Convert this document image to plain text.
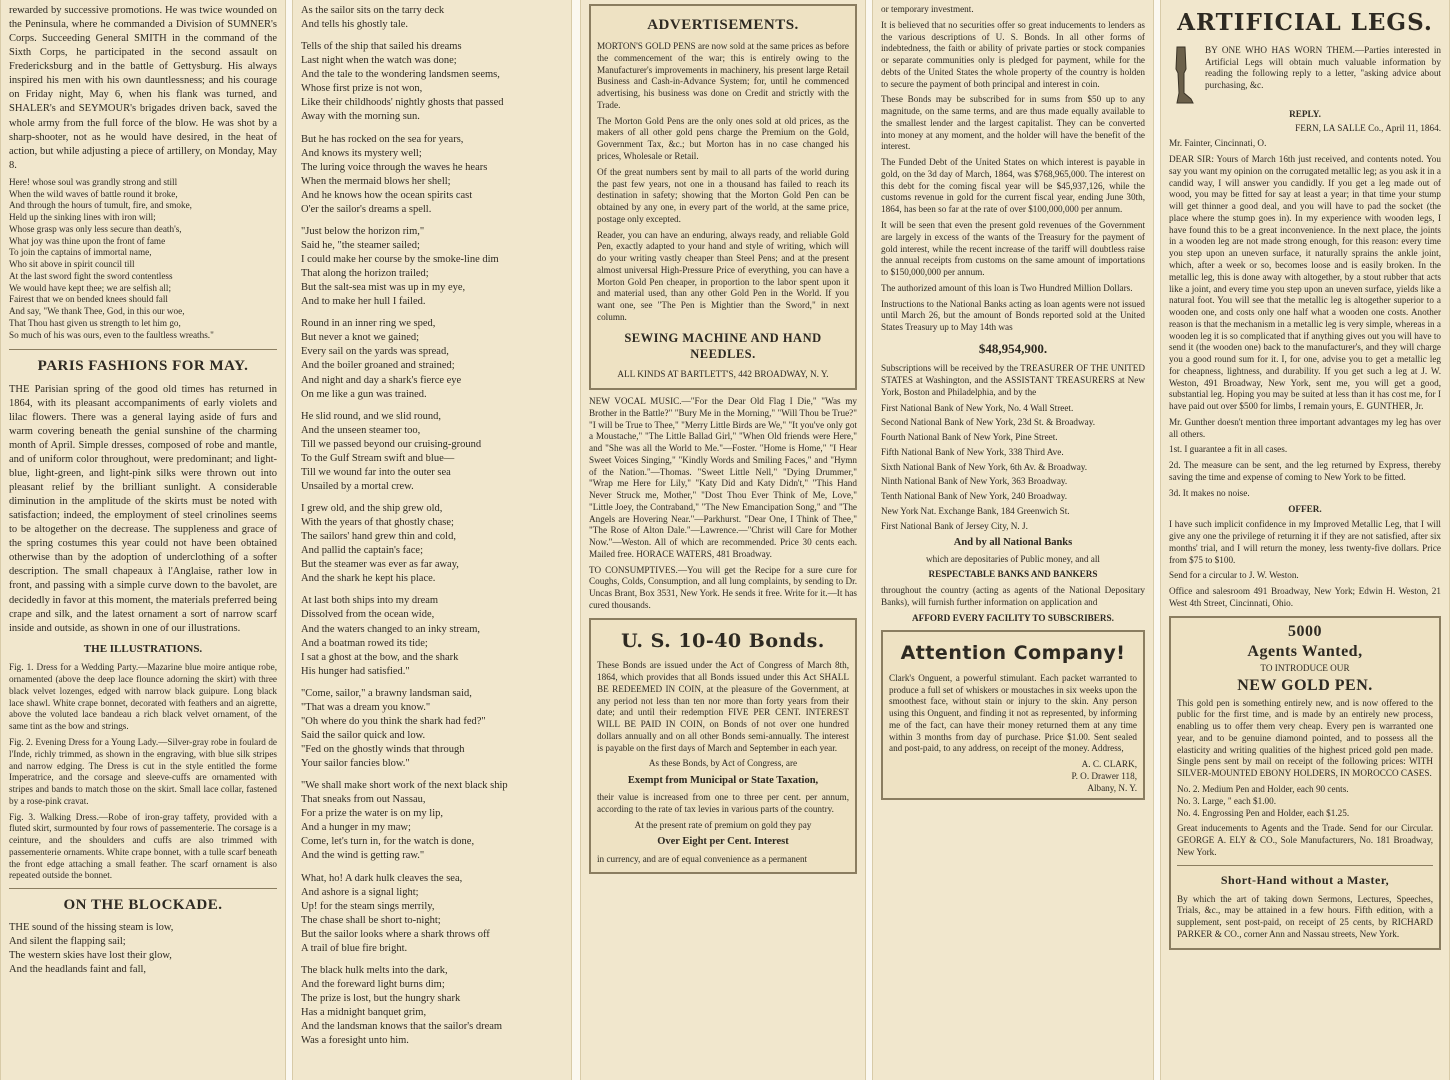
rewarded by successive promotions. He was twice wounded on the Peninsula, where he commanded a Division of SUMNER's Corps. Succeeding General SMITH in the command of the Sixth Corps, he participated in the second assault on Fredericksburg and in the battle of Gettysburg. His always inspired his men with his own dauntlessness; and his courage on Friday night, May 6, when his flank was turned, and SHALER's and SEYMOUR's brigades driven back, saved the whole army from the full force of the blow. He was shot by a sharp-shooter, not as he would have desired, in the heat of action, but while adjusting a piece of artillery, on Monday, May 8.

Here! whose soul was grandly strong and still
When the wild waves of battle round it broke,
And through the hours of tumult, fire, and smoke,
Held up the sinking lines with iron will;
Whose grasp was only less secure than death's,
What joy was thine upon the front of fame
To join the captains of immortal name,
Who sit above in spirit council till
At the last sword fight the sword contentless
We would have kept thee; we are selfish all;
Fairest that we on bended knees should fall
And say, "We thank Thee, God, in this our woe,
That Thou hast given us strength to let him go,
So much of his was ours, even to the faultless wreaths."

PARIS FASHIONS FOR MAY.

THE Parisian spring of the good old times has returned in 1864, with its pleasant accompaniments of early violets and lilac flowers. There was a general laying aside of furs and warm covering beneath the genial sunshine of the charming month of April. Simple dresses, composed of robe and mantle, and of uniform color throughout, were predominant; and light-blue, light-green, and light-pink silks were thrown out into pleasant relief by the brilliant sunlight. A considerable diminution in the amplitude of the skirts must be noted with satisfaction; indeed, the employment of steel crinolines seems to be altogether on the decrease. The suppleness and grace of the spring costumes this year could not have been obtained otherwise than by the adoption of underclothing of a softer description. The small chapeaux à l'Anglaise, rather low in front, and passing with a simple curve down to the bavolet, are decidedly in favor at this moment, the materials preferred being crape and silk, and the latest ornament a sort of narrow scarf inside and outside, as shown in one of our illustrations.

THE ILLUSTRATIONS.

Fig. 1. Dress for a Wedding Party.—Mazarine blue moire antique robe, ornamented (above the deep lace flounce adorning the skirt) with three black velvet lozenges, edged with narrow black guipure. Long black lace shawl. White crape bonnet, decorated with feathers and an aigrette, above the voluted lace bandeau a rich black velvet ornament, of the same tint as the bow and strings.

Fig. 2. Evening Dress for a Young Lady.—Silver-gray robe in foulard de l'Inde, richly trimmed, as shown in the engraving, with blue silk stripes and narrow edging. The Dress is cut in the style entitled the forme Imperatrice, and the corsage and sleeve-cuffs are ornamented with stripes and bands to match those on the skirt. Small lace collar, fastened by a rose-pink cravat.

Fig. 3. Walking Dress.—Robe of iron-gray taffety, provided with a fluted skirt, surmounted by four rows of passementerie. The corsage is a ceinture, and the shoulders and cuffs are also trimmed with passementerie ornaments. White crape bonnet, with a tulle scarf beneath the front edge attaching a small feather. The scarf ornament is also repeated outside the bonnet.

ON THE BLOCKADE.

THE sound of the hissing steam is low,
And silent the flapping sail;
The western skies have lost their glow,
And the headlands faint and fall,

As the sailor sits on the tarry deck
And tells his ghostly tale.

Tells of the ship that sailed his dreams
Last night when the watch was done;
And the tale to the wondering landsmen seems,
Whose first prize is not won,
Like their childhoods' nightly ghosts that passed
Away with the morning sun.

But he has rocked on the sea for years,
And knows its mystery well;
The luring voice through the waves he hears
When the mermaid blows her shell;
And he knows how the ocean spirits cast
O'er the sailor's dreams a spell.

"Just below the horizon rim,"
Said he, "the steamer sailed;
I could make her course by the smoke-line dim
That along the horizon trailed;
But the salt-sea mist was up in my eye,
And to make her hull I failed.

Round in an inner ring we sped,
But never a knot we gained;
Every sail on the yards was spread,
And the boiler groaned and strained;
And night and day a shark's fierce eye
On me like a gun was trained.

He slid round, and we slid round,
And the unseen steamer too,
Till we passed beyond our cruising-ground
To the Gulf Stream swift and blue—
Till we wound far into the outer sea
Unsailed by a mortal crew.

I grew old, and the ship grew old,
With the years of that ghostly chase;
The sailors' hand grew thin and cold,
And pallid the captain's face;
But the steamer was ever as far away,
And the shark he kept his place.

At last both ships into my dream
Dissolved from the ocean wide,
And the waters changed to an inky stream,
And a boatman rowed its tide;
I sat a ghost at the bow, and the shark
His hunger had satisfied."

"Come, sailor," a brawny landsman said,
"That was a dream you know."
"Oh where do you think the shark had fed?"
Said the sailor quick and low.
"Fed on the ghostly winds that through
Your sailor fancies blow."

"We shall make short work of the next black ship
That sneaks from out Nassau,
For a prize the water is on my lip,
And a hunger in my maw;
Come, let's turn in, for the watch is done,
And the wind is getting raw."

What, ho! A dark hulk cleaves the sea,
And ashore is a signal light;
Up! for the steam sings merrily,
The chase shall be short to-night;
But the sailor looks where a shark throws off
A trail of blue fire bright.

The black hulk melts into the dark,
And the foreward light burns dim;
The prize is lost, but the hungry shark
Has a midnight banquet grim,
And the landsman knows that the sailor's dream
Was a foresight unto him.

ADVERTISEMENTS.

MORTON'S GOLD PENS are now sold at the same prices as before the commencement of the war; this is entirely owing to the Manufacturer's improvements in machinery, his present large Retail Business and Cash-in-Advance System; for, until he commenced advertising, his business was done on Credit and strictly with the Trade.

The Morton Gold Pens are the only ones sold at old prices, as the makers of all other gold pens charge the Premium on the Gold, Government Tax, &c.; but Morton has in no case changed his prices, Wholesale or Retail.

Of the great numbers sent by mail to all parts of the world during the past few years, not one in a thousand has failed to reach its destination in safety; showing that the Morton Gold Pen can be obtained by any one, in every part of the world, at the same price, postage only excepted.

Reader, you can have an enduring, always ready, and reliable Gold Pen, exactly adapted to your hand and style of writing, which will do your writing vastly cheaper than Steel Pens; and at the present almost universal High-Pressure Price of everything, you can have a Morton Gold Pen cheaper, in proportion to the labor spent upon it and material used, than any other Gold Pen in the World. If you want one, see "The Pen is Mightier than the Sword," in next column.

SEWING MACHINE AND HAND NEEDLES.

ALL KINDS AT BARTLETT'S, 442 BROADWAY, N. Y.

NEW VOCAL MUSIC.—"For the Dear Old Flag I Die," "Was my Brother in the Battle?" "Bury Me in the Morning," "Will Thou be True?" "I will be True to Thee," "Merry Little Birds are We," "It you've only got a Moustache," "The Little Ballad Girl," "When Old friends were Here," and "She was all the World to Me."—Foster. "Home is Home," "I Hear Sweet Voices Singing," "Kindly Words and Smiling Faces," and "Hymn of the Nation."—Thomas. "Sweet Little Nell," "Dying Drummer," "Wrap me Here for Lily," "Katy Did and Katy Didn't," "This Hand Never Struck me, Mother," "Dost Thou Ever Think of Me, Love," "Little Joey, the Contraband," "The New Emancipation Song," and "The Angels are Hovering Near."—Parkhurst. "Dear One, I Think of Thee," "The Rose of Alton Dale."—Lawrence.—"Christ will Care for Mother Now."—Weston. All of which are recommended. Price 30 cents each. Mailed free. HORACE WATERS, 481 Broadway.

TO CONSUMPTIVES.—You will get the Recipe for a sure cure for Coughs, Colds, Consumption, and all lung complaints, by sending to Dr. Uncas Brant, Box 3531, New York. He sends it free. Write for it.—It has cured thousands.

U. S. 10-40 Bonds.

These Bonds are issued under the Act of Congress of March 8th, 1864, which provides that all Bonds issued under this Act SHALL BE REDEEMED IN COIN, at the pleasure of the Government, at any period not less than ten nor more than forty years from their date; and until their redemption FIVE PER CENT. INTEREST WILL BE PAID IN COIN, on Bonds of not over one hundred dollars annually and on all other Bonds semi-annually. The interest is payable on the first days of March and September in each year.

As these Bonds, by Act of Congress, are

Exempt from Municipal or State Taxation,

their value is increased from one to three per cent. per annum, according to the rate of tax levies in various parts of the country.

At the present rate of premium on gold they pay

Over Eight per Cent. Interest

in currency, and are of equal convenience as a permanent

or temporary investment.

It is believed that no securities offer so great inducements to lenders as the various descriptions of U. S. Bonds. In all other forms of indebtedness, the faith or ability of private parties or stock companies or separate communities only is pledged for payment, while for the debts of the United States the whole property of the country is holden to secure the payment of both principal and interest in coin.

These Bonds may be subscribed for in sums from $50 up to any magnitude, on the same terms, and are thus made equally available to the smallest lender and the largest capitalist. They can be converted into money at any moment, and the holder will have the benefit of the interest.

The Funded Debt of the United States on which interest is payable in gold, on the 3d day of March, 1864, was $768,965,000. The interest on this debt for the coming fiscal year will be $45,937,126, while the customs revenue in gold for the current fiscal year, ending June 30th, 1864, has been so far at the rate of over $100,000,000 per annum.

It will be seen that even the present gold revenues of the Government are largely in excess of the wants of the Treasury for the payment of gold interest, while the recent increase of the tariff will doubtless raise the annual receipts from customs on the same amount of importations to $150,000,000 per annum.

The authorized amount of this loan is Two Hundred Million Dollars.

Instructions to the National Banks acting as loan agents were not issued until March 26, but the amount of Bonds reported sold at the United States Treasury up to May 14th was

$48,954,900.

Subscriptions will be received by the TREASURER OF THE UNITED STATES at Washington, and the ASSISTANT TREASURERS at New York, Boston and Philadelphia, and by the

First National Bank of New York, No. 4 Wall Street.

Second National Bank of New York, 23d St. & Broadway.

Fourth National Bank of New York, Pine Street.

Fifth National Bank of New York, 338 Third Ave.

Sixth National Bank of New York, 6th Av. & Broadway.

Ninth National Bank of New York, 363 Broadway.

Tenth National Bank of New York, 240 Broadway.

New York Nat. Exchange Bank, 184 Greenwich St.

First National Bank of Jersey City, N. J.

And by all National Banks

which are depositaries of Public money, and all

RESPECTABLE BANKS AND BANKERS

throughout the country (acting as agents of the National Depositary Banks), will furnish further information on application and

AFFORD EVERY FACILITY TO SUBSCRIBERS.

Attention Company!

Clark's Onguent, a powerful stimulant. Each packet warranted to produce a full set of whiskers or moustaches in six weeks upon the smoothest face, without stain or injury to the skin. Any person using this Onguent, and finding it not as represented, by informing me of the fact, can have their money returned them at any time within 3 months from day of purchase. Price $1.00. Sent sealed and post-paid, to any address, on receipt of the money. Address,

A. C. CLARK,

P. O. Drawer 118,

Albany, N. Y.

ARTIFICIAL LEGS.

BY ONE WHO HAS WORN THEM.—Parties interested in Artificial Legs will obtain much valuable information by reading the following reply to a letter, "asking advice about purchasing, &c.

REPLY.

FERN, LA SALLE Co., April 11, 1864.

Mr. Fainter, Cincinnati, O.

DEAR SIR: Yours of March 16th just received, and contents noted. You say you want my opinion on the corrugated metallic leg; as you ask it in a candid way, I will answer you candidly. If you get a leg made out of wood, you may be fitted for say at least a year; in that time your stump will get thinner a good deal, and you will have to pad the socket (the place where the stump goes in). In my experience with wooden legs, I have found this to be a great inconvenience. In the next place, the joints in a wooden leg are not made strong enough, for this reason: every time you step upon an uneven surface, it naturally sprains the ankle joint, which, after a week or so, becomes loose and is easily broken. In the metallic leg, this is done away with altogether, by a stout rubber that acts like a joint, and every time you step upon an uneven surface, yields like a natural foot. You will see that the metallic leg is altogether superior to a wooden one, and costs only one half what a wooden one costs. Another reason is that the mechanism in a metallic leg is very simple, whereas in a wooden leg it is so complicated that if anything gives out you will have to send it (the wooden one) back to the manufacturer's, and they will charge you a good round sum for it. I, for one, advise you to get a metallic leg for cheapness, lightness, and durability. If you get such a leg at J. W. Weston, 491 Broadway, New York, sent me, you will get a good, substantial leg. Hoping you may be suited at less than it has cost me, for I have paid out over $500 for limbs, I remain yours, E. GUNTHER, Jr.

Mr. Gunther doesn't mention three important advantages my leg has over all others.

1st. I guarantee a fit in all cases.

2d. The measure can be sent, and the leg returned by Express, thereby saving the time and expense of coming to New York to be fitted.

3d. It makes no noise.

OFFER.

I have such implicit confidence in my Improved Metallic Leg, that I will give any one the privilege of returning it if they are not satisfied, after six months' trial, and I will return the money, less twenty-five dollars. Price from $75 to $100.

Send for a circular to J. W. Weston.

Office and salesroom 491 Broadway, New York; Edwin H. Weston, 21 West 4th Street, Cincinnati, Ohio.

5000
Agents Wanted,

TO INTRODUCE OUR

NEW GOLD PEN.

This gold pen is something entirely new, and is now offered to the public for the first time, and is made by an entirely new process, enabling us to offer them very cheap. Every pen is warranted one year, and to be genuine diamond pointed, and to possess all the elasticity and writing qualities of the highest priced gold pen made. Single pens sent by mail on receipt of the following prices: WITH SILVER-MOUNTED EBONY HOLDERS, IN MOROCCO CASES.

No. 2. Medium Pen and Holder, each 90 cents.

No. 3. Large, " each $1.00.

No. 4. Engrossing Pen and Holder, each $1.25.

Great inducements to Agents and the Trade. Send for our Circular. GEORGE A. ELY & CO., Sole Manufacturers, No. 181 Broadway, New York.

Short-Hand without a Master,

By which the art of taking down Sermons, Lectures, Speeches, Trials, &c., may be attained in a few hours. Fifth edition, with a supplement, sent post-paid, on receipt of 25 cents, by RICHARD PARKER & CO., corner Ann and Nassau streets, New York.
